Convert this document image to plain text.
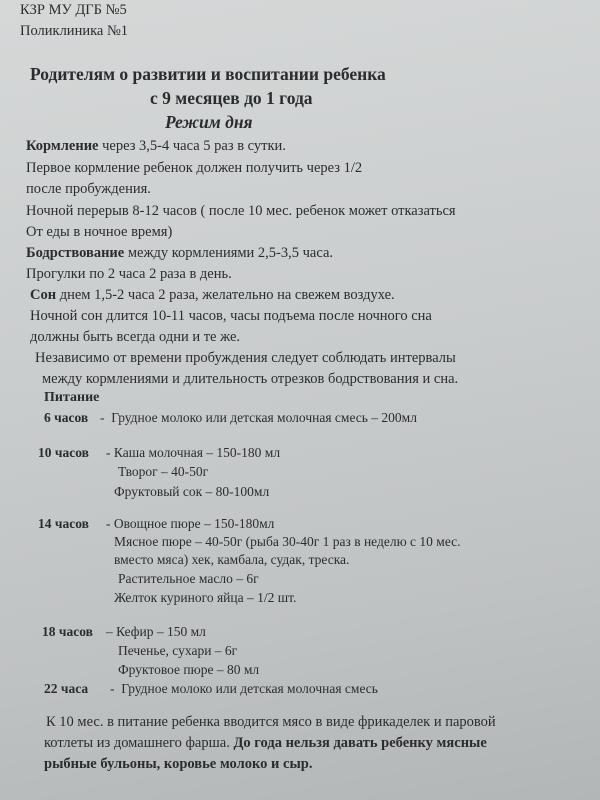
КЗР МУ ДГБ №5
Поликлиника №1
Родителям о развитии и воспитании ребенка
с 9 месяцев до 1 года
Режим дня
Кормление через 3,5-4 часа 5 раз в сутки.
Первое кормление ребенок должен получить через 1/2
после пробуждения.
Ночной перерыв 8-12 часов ( после 10 мес. ребенок может отказаться
От еды в ночное время)
Бодрствование между кормлениями 2,5-3,5 часа.
Прогулки по 2 часа 2 раза в день.
Сон днем 1,5-2 часа 2 раза, желательно на свежем воздухе.
Ночной сон длится 10-11 часов, часы подъема после ночного сна
должны быть всегда одни и те же.
Независимо от времени пробуждения следует соблюдать интервалы
между кормлениями и длительность отрезков бодрствования и сна.
Питание
6 часов -  Грудное молоко или детская молочная смесь – 200мл
10 часов - Каша молочная – 150-180 мл
Творог – 40-50г
Фруктовый сок – 80-100мл
14 часов - Овощное пюре – 150-180мл
Мясное пюре – 40-50г (рыба 30-40г 1 раз в неделю с 10 мес.
вместо мяса) хек, камбала, судак, треска.
Растительное масло – 6г
Желток куриного яйца – 1/2 шт.
18 часов – Кефир – 150 мл
Печенье, сухари – 6г
Фруктовое пюре – 80 мл
22 часа -  Грудное молоко или детская молочная смесь
К 10 мес. в питание ребенка вводится мясо в виде фрикаделек и паровой
котлеты из домашнего фарша. До года нельзя давать ребенку мясные
рыбные бульоны, коровье молоко и сыр.
